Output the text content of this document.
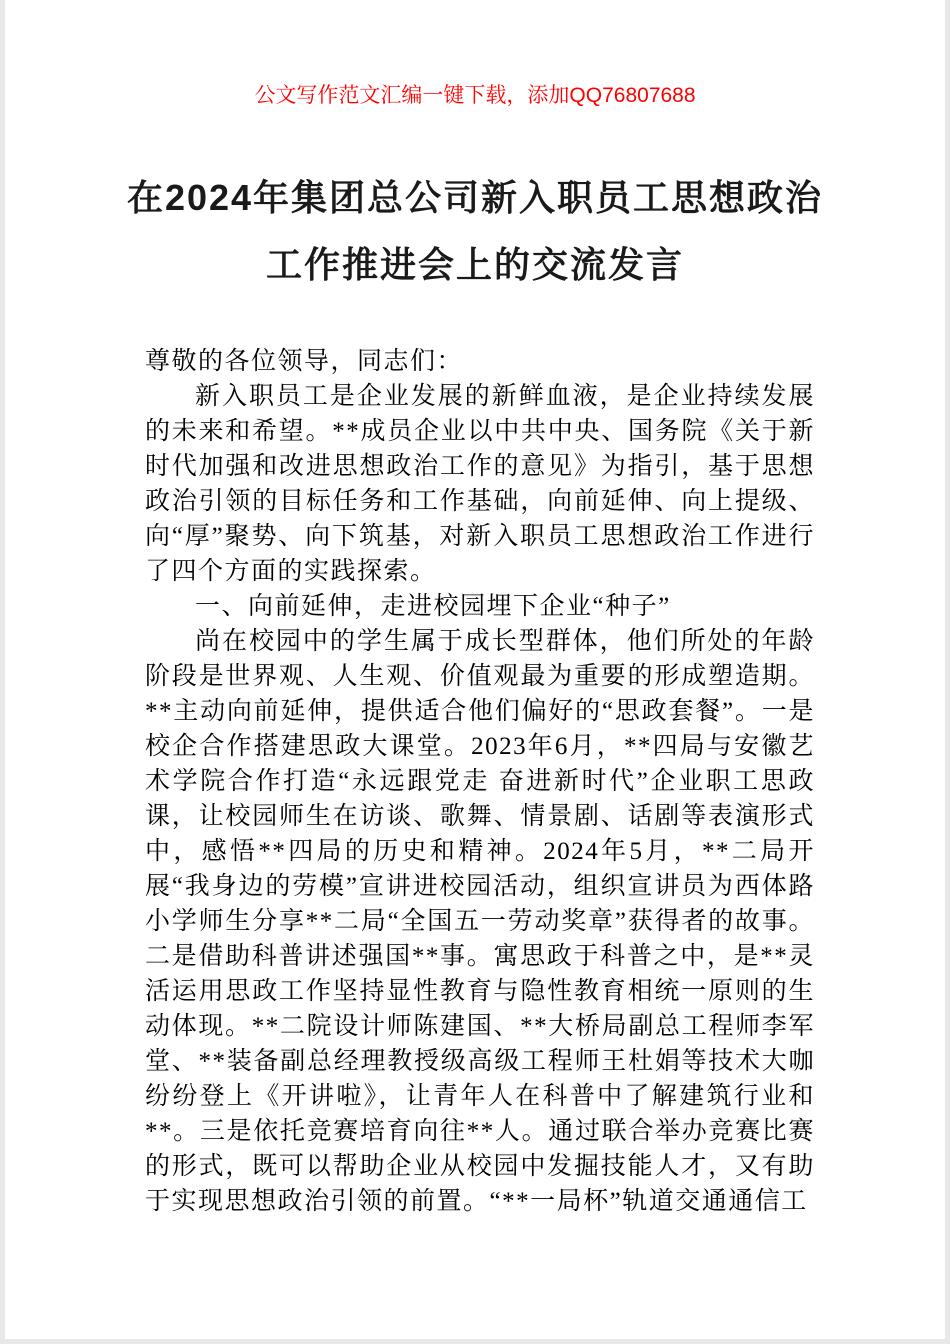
公文写作范文汇编一键下载，添加QQ76807688
在2024年集团总公司新入职员工思想政治
工作推进会上的交流发言

尊敬的各位领导，同志们：

新入职员工是企业发展的新鲜血液，是企业持续发展的未来和希望。**成员企业以中共中央、国务院《关于新时代加强和改进思想政治工作的意见》为指引，基于思想政治引领的目标任务和工作基础，向前延伸、向上提级、向“厚”聚势、向下筑基，对新入职员工思想政治工作进行了四个方面的实践探索。

一、向前延伸，走进校园埋下企业“种子”

尚在校园中的学生属于成长型群体，他们所处的年龄阶段是世界观、人生观、价值观最为重要的形成塑造期。**主动向前延伸，提供适合他们偏好的“思政套餐”。一是校企合作搭建思政大课堂。2023年6月，**四局与安徽艺术学院合作打造“永远跟党走 奋进新时代”企业职工思政课，让校园师生在访谈、歌舞、情景剧、话剧等表演形式中，感悟**四局的历史和精神。2024年5月，**二局开展“我身边的劳模”宣讲进校园活动，组织宣讲员为西体路小学师生分享**二局“全国五一劳动奖章”获得者的故事。二是借助科普讲述强国**事。寓思政于科普之中，是**灵活运用思政工作坚持显性教育与隐性教育相统一原则的生动体现。**二院设计师陈建国、**大桥局副总工程师李军堂、**装备副总经理教授级高级工程师王杜娟等技术大咖纷纷登上《开讲啦》，让青年人在科普中了解建筑行业和**。三是依托竞赛培育向往**人。通过联合举办竞赛比赛的形式，既可以帮助企业从校园中发掘技能人才，又有助于实现思想政治引领的前置。“**一局杯”轨道交通通信工
